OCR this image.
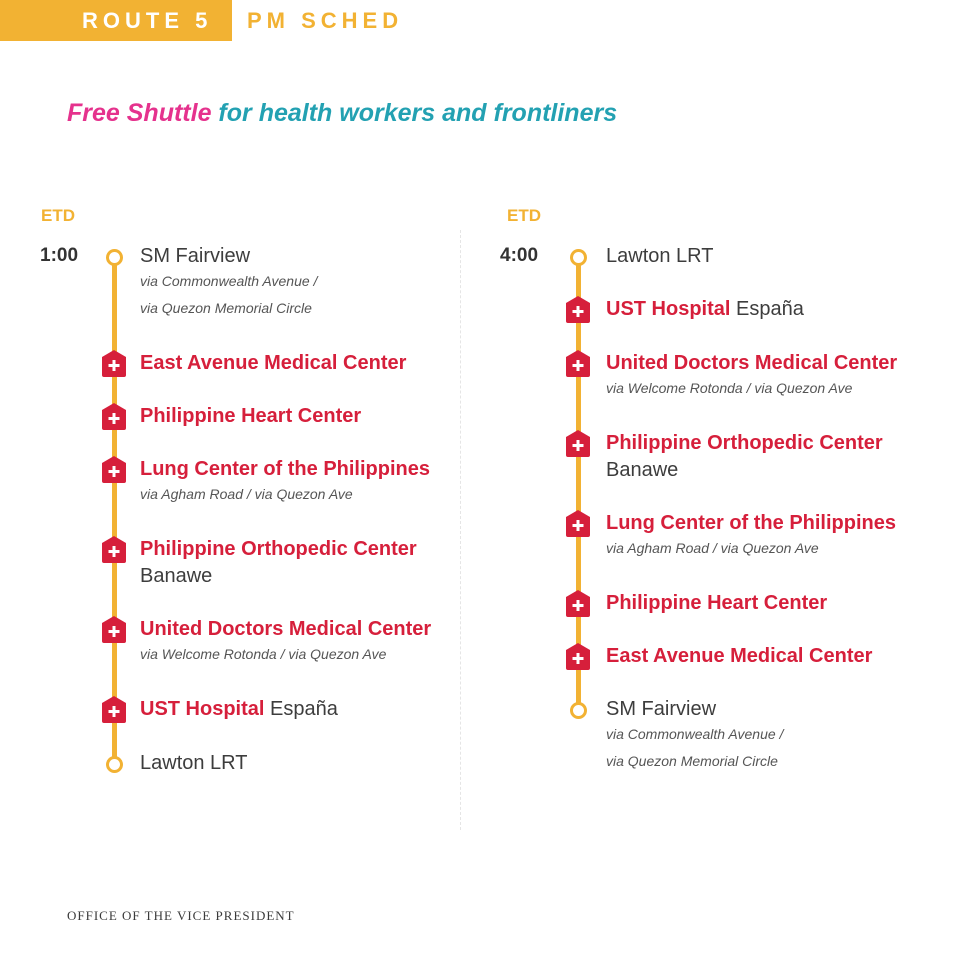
ROUTE 5	PM SCHED
Free Shuttle for health workers and frontliners
ETD
1:00	SM Fairview
via Commonwealth Avenue /
via Quezon Memorial Circle
East Avenue Medical Center
Philippine Heart Center
Lung Center of the Philippines
via Agham Road / via Quezon Ave
Philippine Orthopedic Center
Banawe
United Doctors Medical Center
via Welcome Rotonda / via Quezon Ave
UST Hospital España
Lawton LRT
ETD
4:00	Lawton LRT
UST Hospital España
United Doctors Medical Center
via Welcome Rotonda / via Quezon Ave
Philippine Orthopedic Center
Banawe
Lung Center of the Philippines
via Agham Road / via Quezon Ave
Philippine Heart Center
East Avenue Medical Center
SM Fairview
via Commonwealth Avenue /
via Quezon Memorial Circle
OFFICE OF THE VICE PRESIDENT
